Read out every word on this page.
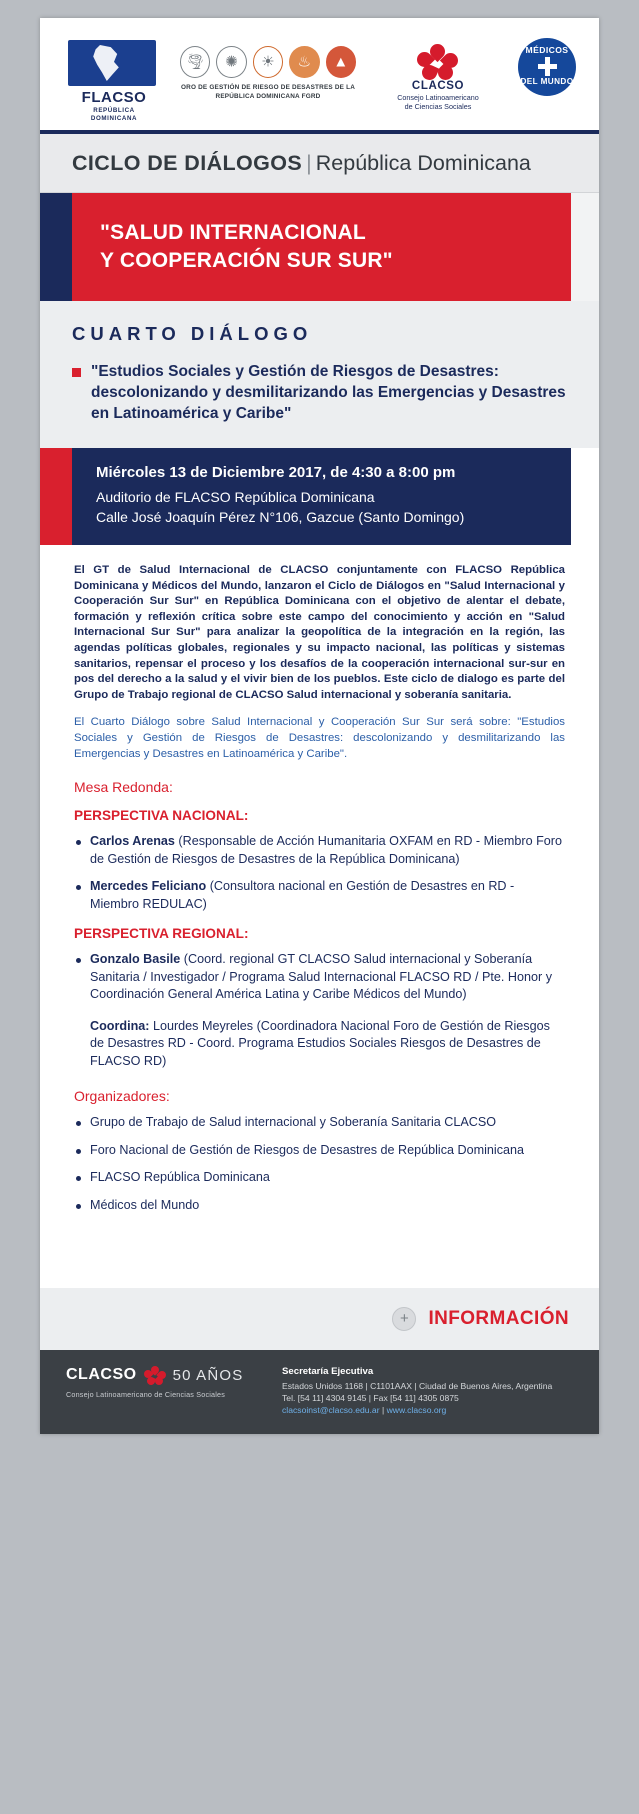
FLACSO
REPÚBLICA
DOMINICANA
🌪	✺	☀	♨	▲
ORO DE GESTIÓN DE RIESGO DE DESASTRES DE LA REPÚBLICA DOMINICANA FGRD
CLACSO
Consejo Latinoamericano
de Ciencias Sociales
MÉDICOS
DEL MUNDO
CICLO DE DIÁLOGOS | República Dominicana
"SALUD INTERNACIONAL
Y COOPERACIÓN SUR SUR"
CUARTO DIÁLOGO
"Estudios Sociales y Gestión de Riesgos de Desastres: descolonizando y desmilitarizando las Emergencias y Desastres en Latinoamérica y Caribe"
Miércoles 13 de Diciembre 2017, de 4:30 a 8:00 pm
Auditorio de FLACSO República Dominicana
Calle José Joaquín Pérez N°106, Gazcue (Santo Domingo)
El GT de Salud Internacional de CLACSO conjuntamente con FLACSO República Dominicana y Médicos del Mundo, lanzaron el Ciclo de Diálogos en "Salud Internacional y Cooperación Sur Sur" en República Dominicana con el objetivo de alentar el debate, formación y reflexión crítica sobre este campo del conocimiento y acción en "Salud Internacional Sur Sur" para analizar la geopolítica de la integración en la región, las agendas políticas globales, regionales y su impacto nacional, las políticas y sistemas sanitarios, repensar el proceso y los desafíos de la cooperación internacional sur-sur en pos del derecho a la salud y el vivir bien de los pueblos. Este ciclo de dialogo es parte del Grupo de Trabajo regional de CLACSO Salud internacional y soberanía sanitaria.
El Cuarto Diálogo sobre Salud Internacional y Cooperación Sur Sur será sobre: "Estudios Sociales y Gestión de Riesgos de Desastres: descolonizando y desmilitarizando las Emergencias y Desastres en Latinoamérica y Caribe".
Mesa Redonda:
PERSPECTIVA NACIONAL:
Carlos Arenas (Responsable de Acción Humanitaria OXFAM en RD - Miembro Foro de Gestión de Riesgos de Desastres de la República Dominicana)
Mercedes Feliciano (Consultora nacional en Gestión de Desastres en RD - Miembro REDULAC)
PERSPECTIVA REGIONAL:
Gonzalo Basile (Coord. regional GT CLACSO Salud internacional y Soberanía Sanitaria / Investigador / Programa Salud Internacional FLACSO RD / Pte. Honor y Coordinación General América Latina y Caribe Médicos del Mundo)
Coordina: Lourdes Meyreles (Coordinadora Nacional Foro de Gestión de Riesgos de Desastres RD - Coord. Programa Estudios Sociales Riesgos de Desastres de FLACSO RD)
Organizadores:
Grupo de Trabajo de Salud internacional y Soberanía Sanitaria CLACSO
Foro Nacional de Gestión de Riesgos de Desastres de República Dominicana
FLACSO República Dominicana
Médicos del Mundo
+	INFORMACIÓN
CLACSO 50 AÑOS
Consejo Latinoamericano de Ciencias Sociales
Secretaría Ejecutiva
Estados Unidos 1168 | C1101AAX | Ciudad de Buenos Aires, Argentina
Tel. [54 11] 4304 9145 | Fax [54 11] 4305 0875
clacsoinst@clacso.edu.ar | www.clacso.org
